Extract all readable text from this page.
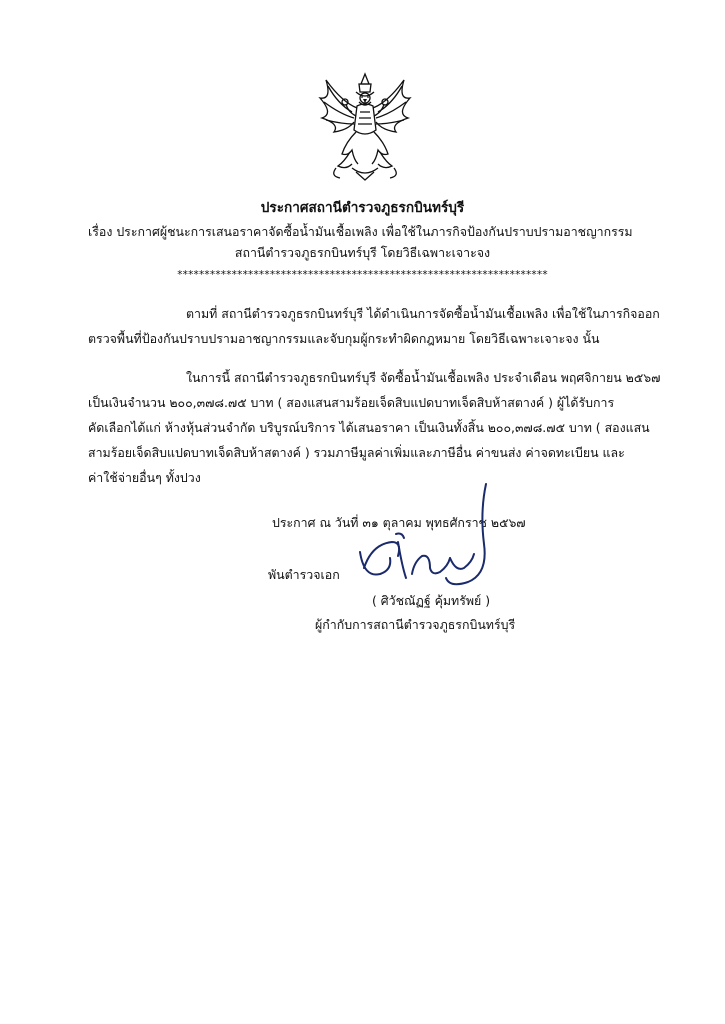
ประกาศสถานีตำรวจภูธรกบินทร์บุรี
เรื่อง ประกาศผู้ชนะการเสนอราคาจัดซื้อน้ำมันเชื้อเพลิง เพื่อใช้ในภารกิจป้องกันปราบปรามอาชญากรรม
สถานีตำรวจภูธรกบินทร์บุรี โดยวิธีเฉพาะเจาะจง
********************************************************************
ตามที่ สถานีตำรวจภูธรกบินทร์บุรี ได้ดำเนินการจัดซื้อน้ำมันเชื้อเพลิง เพื่อใช้ในภารกิจออก
ตรวจพื้นที่ป้องกันปราบปรามอาชญากรรมและจับกุมผู้กระทำผิดกฎหมาย โดยวิธีเฉพาะเจาะจง นั้น
ในการนี้ สถานีตำรวจภูธรกบินทร์บุรี จัดซื้อน้ำมันเชื้อเพลิง ประจำเดือน พฤศจิกายน ๒๕๖๗
เป็นเงินจำนวน ๒๐๐,๓๗๘.๗๕ บาท ( สองแสนสามร้อยเจ็ดสิบแปดบาทเจ็ดสิบห้าสตางค์ ) ผู้ได้รับการ
คัดเลือกได้แก่ ห้างหุ้นส่วนจำกัด บริบูรณ์บริการ ได้เสนอราคา เป็นเงินทั้งสิ้น ๒๐๐,๓๗๘.๗๕ บาท ( สองแสน
สามร้อยเจ็ดสิบแปดบาทเจ็ดสิบห้าสตางค์ ) รวมภาษีมูลค่าเพิ่มและภาษีอื่น ค่าขนส่ง ค่าจดทะเบียน และ
ค่าใช้จ่ายอื่นๆ ทั้งปวง
ประกาศ ณ วันที่ ๓๑ ตุลาคม พุทธศักราช ๒๕๖๗
พันตำรวจเอก
( ศิวัชณัฏฐ์ คุ้มทรัพย์ )
ผู้กำกับการสถานีตำรวจภูธรกบินทร์บุรี
